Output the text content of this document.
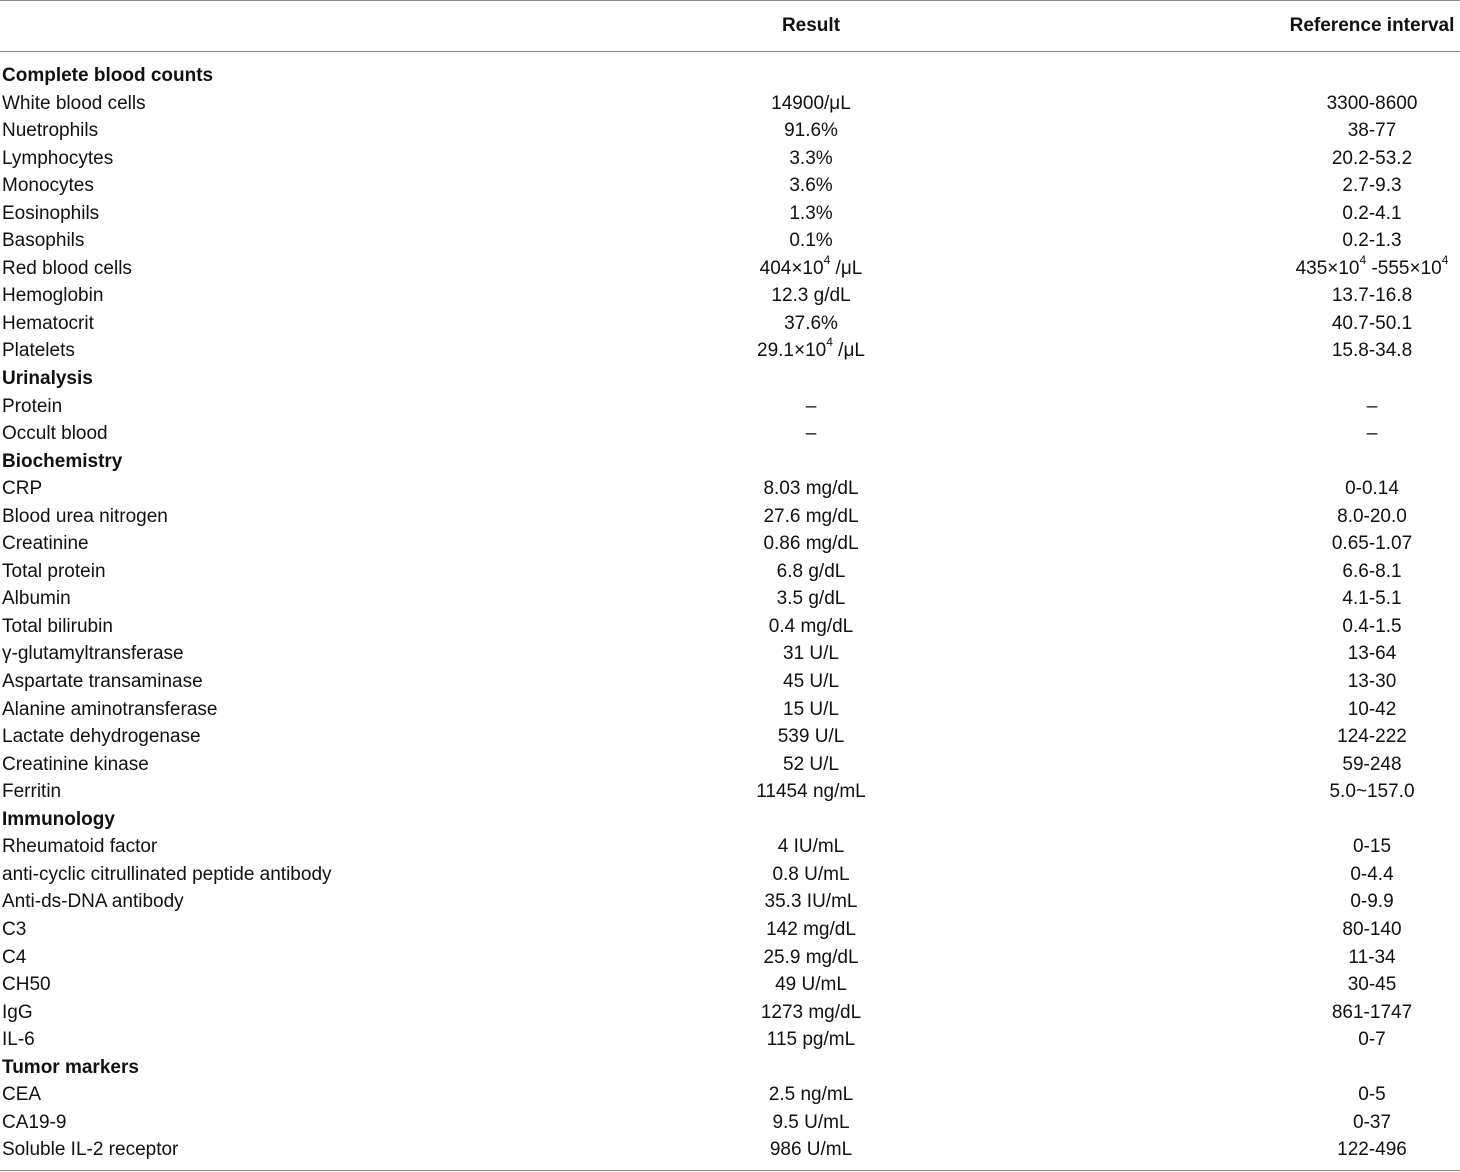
Result	Reference interval
Complete blood counts
White blood cells	14900/μL	3300-8600
Nuetrophils	91.6%	38-77
Lymphocytes	3.3%	20.2-53.2
Monocytes	3.6%	2.7-9.3
Eosinophils	1.3%	0.2-4.1
Basophils	0.1%	0.2-1.3
Red blood cells	$404\times 10^4$ /μL	$435\times 10^4$ $-555\times 10^4$
Hemoglobin	12.3 g/dL	13.7-16.8
Hematocrit	37.6%	40.7-50.1
Platelets	$29.1\times 10^4$ /μL	15.8-34.8
Urinalysis
Protein	–	–
Occult blood	–	–
Biochemistry
CRP	8.03 mg/dL	0-0.14
Blood urea nitrogen	27.6 mg/dL	8.0-20.0
Creatinine	0.86 mg/dL	0.65-1.07
Total protein	6.8 g/dL	6.6-8.1
Albumin	3.5 g/dL	4.1-5.1
Total bilirubin	0.4 mg/dL	0.4-1.5
γ-glutamyltransferase	31 U/L	13-64
Aspartate transaminase	45 U/L	13-30
Alanine aminotransferase	15 U/L	10-42
Lactate dehydrogenase	539 U/L	124-222
Creatinine kinase	52 U/L	59-248
Ferritin	11454 ng/mL	5.0~157.0
Immunology
Rheumatoid factor	4 IU/mL	0-15
anti-cyclic citrullinated peptide antibody	0.8 U/mL	0-4.4
Anti-ds-DNA antibody	35.3 IU/mL	0-9.9
C3	142 mg/dL	80-140
C4	25.9 mg/dL	11-34
CH50	49 U/mL	30-45
IgG	1273 mg/dL	861-1747
IL-6	115 pg/mL	0-7
Tumor markers
CEA	2.5 ng/mL	0-5
CA19-9	9.5 U/mL	0-37
Soluble IL-2 receptor	986 U/mL	122-496
